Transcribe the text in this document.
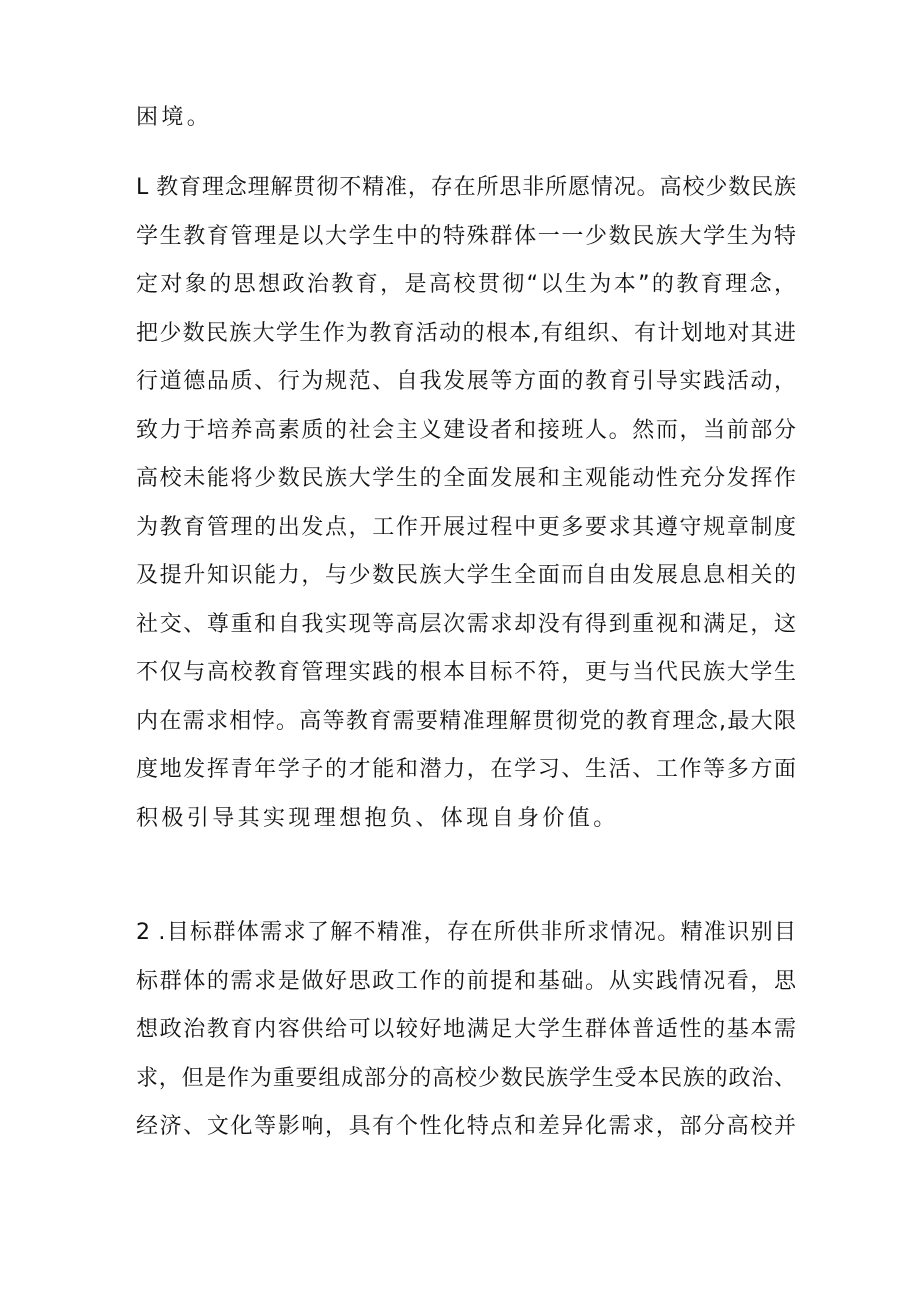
困境。
L 教育理念理解贯彻不精准，存在所思非所愿情况。高校少数民族
学生教育管理是以大学生中的特殊群体一一少数民族大学生为特
定对象的思想政治教育，是高校贯彻“以生为本”的教育理念，
把少数民族大学生作为教育活动的根本,有组织、有计划地对其进
行道德品质、行为规范、自我发展等方面的教育引导实践活动，
致力于培养高素质的社会主义建设者和接班人。然而，当前部分
高校未能将少数民族大学生的全面发展和主观能动性充分发挥作
为教育管理的出发点，工作开展过程中更多要求其遵守规章制度
及提升知识能力，与少数民族大学生全面而自由发展息息相关的
社交、尊重和自我实现等高层次需求却没有得到重视和满足，这
不仅与高校教育管理实践的根本目标不符，更与当代民族大学生
内在需求相悖。高等教育需要精准理解贯彻党的教育理念,最大限
度地发挥青年学子的才能和潜力，在学习、生活、工作等多方面
积极引导其实现理想抱负、体现自身价值。
2 .目标群体需求了解不精准，存在所供非所求情况。精准识别目
标群体的需求是做好思政工作的前提和基础。从实践情况看，思
想政治教育内容供给可以较好地满足大学生群体普适性的基本需
求，但是作为重要组成部分的高校少数民族学生受本民族的政治、
经济、文化等影响，具有个性化特点和差异化需求，部分高校并
